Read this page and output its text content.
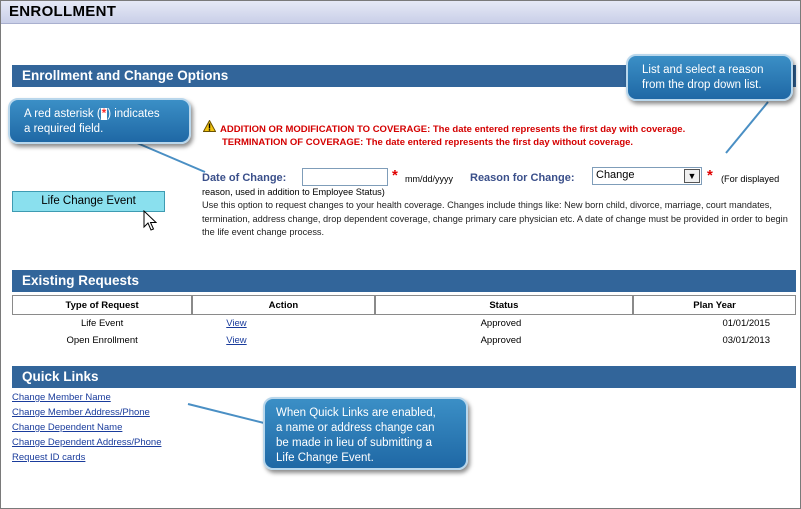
ENROLLMENT
Enrollment and Change Options
ADDITION OR MODIFICATION TO COVERAGE: The date entered represents the first day with coverage.
TERMINATION OF COVERAGE: The date entered represents the first day without coverage.
Date of Change:	* mm/dd/yyyy Reason for Change: Change	▼ * (For displayed
reason, used in addition to Employee Status)
Use this option to request changes to your health coverage. Changes include things like: New born child, divorce, marriage, court mandates, termination, address change, drop dependent coverage, change primary care physician etc. A date of change must be provided in order to begin the life event change process.
Life Change Event
Existing Requests
Type of Request	Action	Status	Plan Year
Life Event	View	Approved	01/01/2015
Open Enrollment	View	Approved	03/01/2013
Quick Links
Change Member Name
Change Member Address/Phone
Change Dependent Name
Change Dependent Address/Phone
Request ID cards
A red asterisk (*) indicates
a required field.
List and select a reason
from the drop down list.
When Quick Links are enabled,
a name or address change can
be made in lieu of submitting a
Life Change Event.
